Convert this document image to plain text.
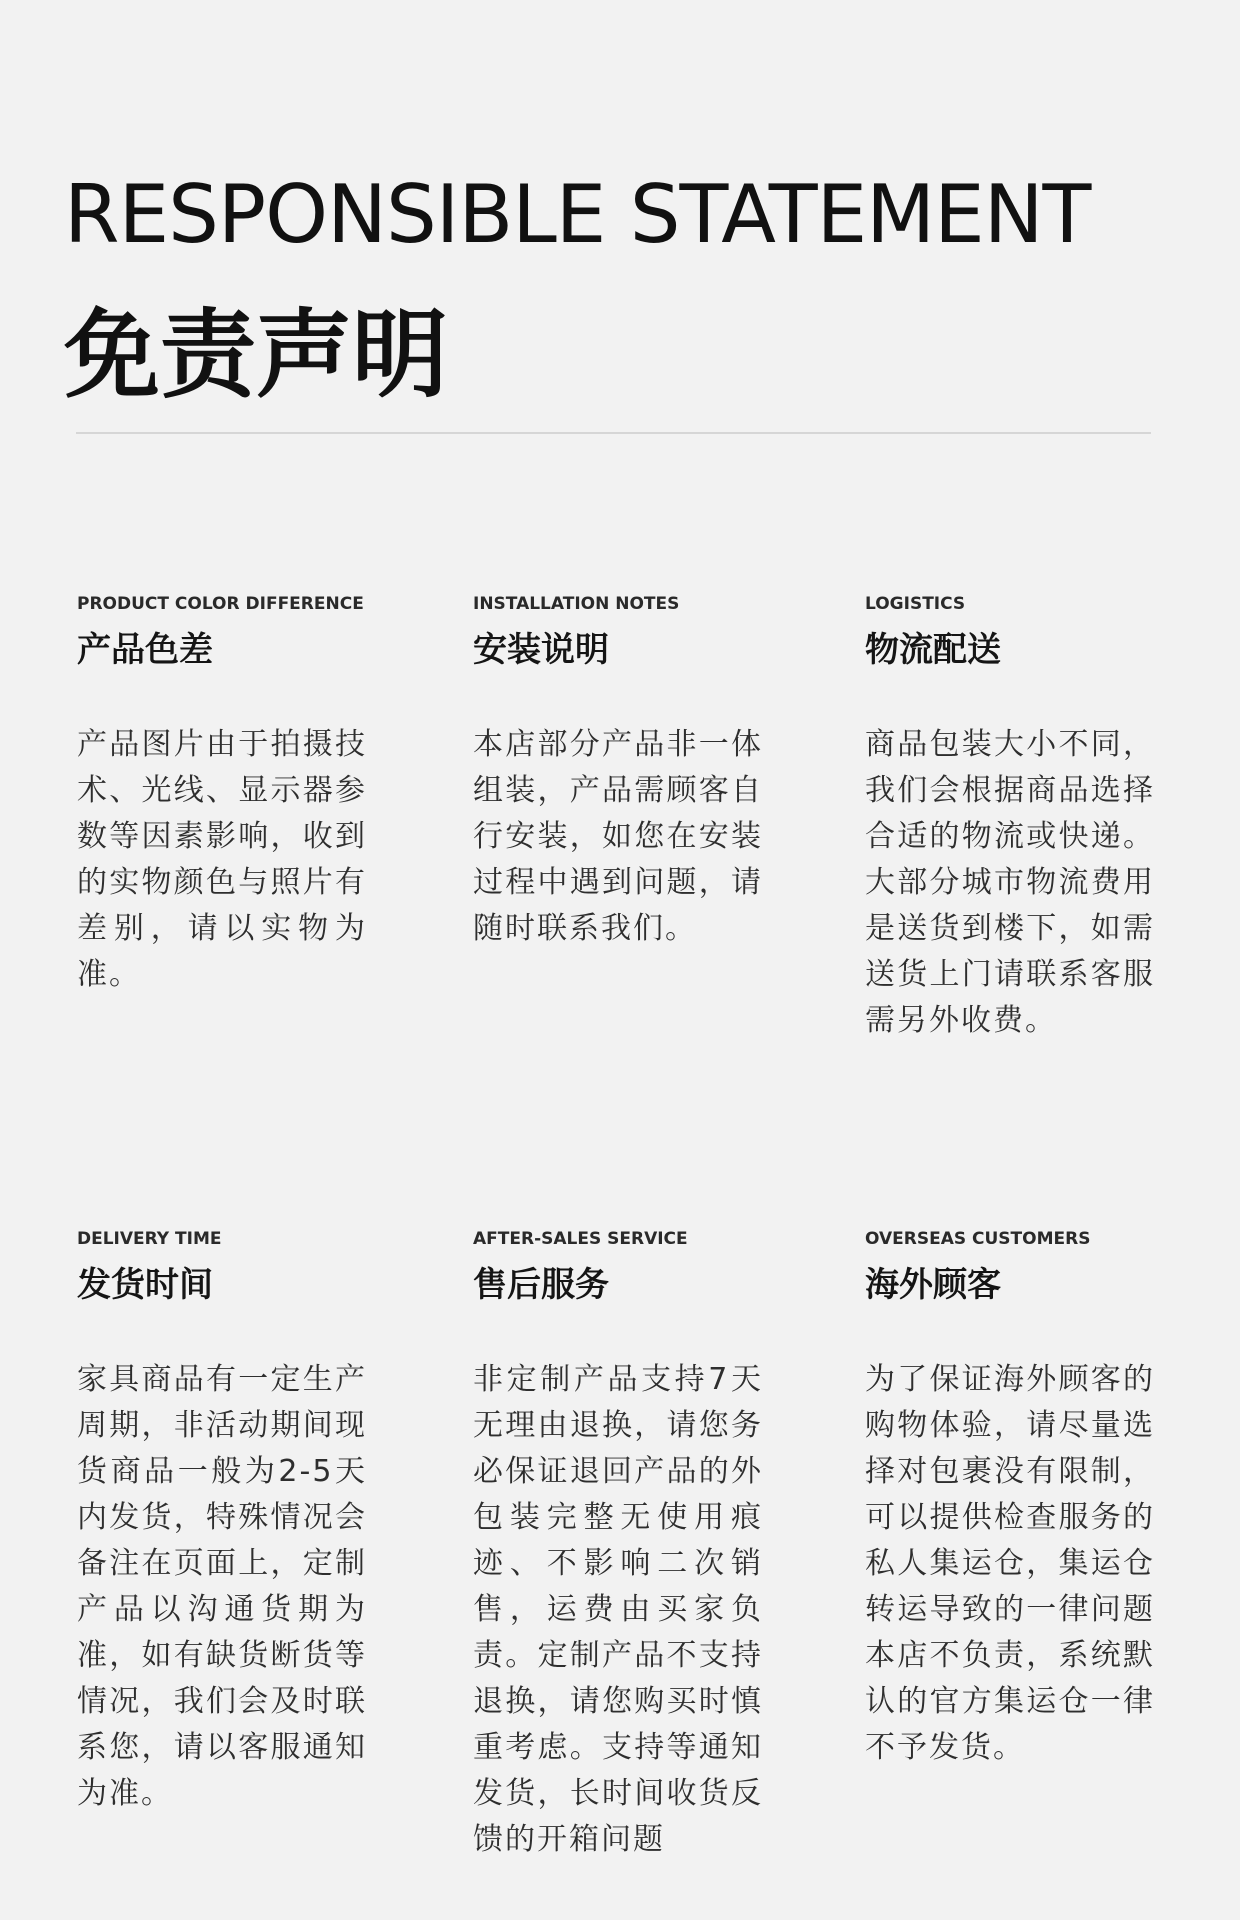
RESPONSIBLE STATEMENT
免责声明

PRODUCT COLOR DIFFERENCE

产品色差

产品图片由于拍摄技术、光线、显示器参数等因素影响，收到的实物颜色与照片有差别，请以实物为准。

INSTALLATION NOTES

安装说明

本店部分产品非一体组装，产品需顾客自行安装，如您在安装过程中遇到问题，请随时联系我们。

LOGISTICS

物流配送

商品包装大小不同，我们会根据商品选择合适的物流或快递。大部分城市物流费用是送货到楼下，如需送货上门请联系客服需另外收费。

DELIVERY TIME

发货时间

家具商品有一定生产周期，非活动期间现货商品一般为2-5天内发货，特殊情况会备注在页面上，定制产品以沟通货期为准，如有缺货断货等情况，我们会及时联系您，请以客服通知为准。

AFTER-SALES SERVICE

售后服务

非定制产品支持7天无理由退换，请您务必保证退回产品的外包装完整无使用痕迹、不影响二次销售，运费由买家负责。定制产品不支持退换，请您购买时慎重考虑。支持等通知发货，长时间收货反馈的开箱问题

OVERSEAS CUSTOMERS

海外顾客

为了保证海外顾客的购物体验，请尽量选择对包裹没有限制，可以提供检查服务的私人集运仓，集运仓转运导致的一律问题本店不负责，系统默认的官方集运仓一律不予发货。
